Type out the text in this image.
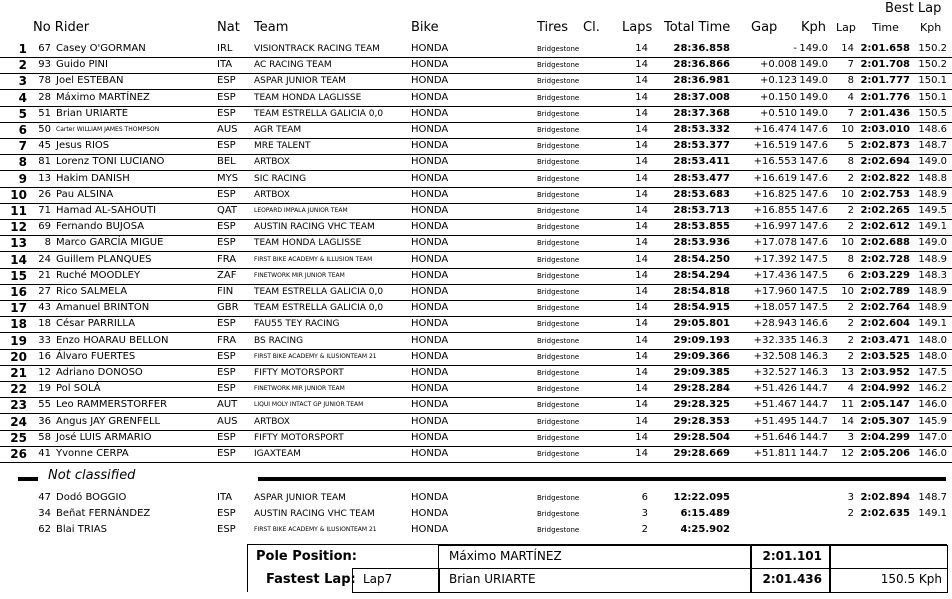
No Rider	Nat Team	Bike	Tires Cl. Laps Total Time Gap Kph
Best Lap
Lap Time Kph
1	67 Casey O'GORMAN	IRL VISIONTRACK RACING TEAM	HONDA	Bridgestone	14	28:36.858	- 149.0	14 2:01.658 150.2
2	93 Guido PINI	ITA AC RACING TEAM	HONDA	Bridgestone	14	28:36.866	+0.008 149.0	7 2:01.708 150.2
3	78 Joel ESTEBAN	ESP ASPAR JUNIOR TEAM	HONDA	Bridgestone	14	28:36.981	+0.123 149.0	8 2:01.777 150.1
4	28 Máximo MARTÍNEZ	ESP TEAM HONDA LAGLISSE	HONDA	Bridgestone	14	28:37.008	+0.150 149.0	4 2:01.776 150.1
5	51 Brian URIARTE	ESP TEAM ESTRELLA GALICIA 0,0	HONDA	Bridgestone	14	28:37.368	+0.510 149.0	7 2:01.436 150.5
6	50 Carter WILLIAM JAMES THOMPSON	AUS AGR TEAM	HONDA	Bridgestone	14	28:53.332	+16.474 147.6	10 2:03.010 148.6
7	45 Jesus RIOS	ESP MRE TALENT	HONDA	Bridgestone	14	28:53.377	+16.519 147.6	5 2:02.873 148.7
8	81 Lorenz TONI LUCIANO	BEL ARTBOX	HONDA	Bridgestone	14	28:53.411	+16.553 147.6	8 2:02.694 149.0
9	13 Hakim DANISH	MYS SIC RACING	HONDA	Bridgestone	14	28:53.477	+16.619 147.6	2 2:02.822 148.8
10	26 Pau ALSINA	ESP ARTBOX	HONDA	Bridgestone	14	28:53.683	+16.825 147.6	10 2:02.753 148.9
11	71 Hamad AL-SAHOUTI	QAT	LEOPARD IMPALA JUNIOR TEAM	HONDA	Bridgestone	14	28:53.713	+16.855 147.6	2 2:02.265 149.5
12	69 Fernando BUJOSA	ESP AUSTIN RACING VHC TEAM	HONDA	Bridgestone	14	28:53.855	+16.997 147.6	2 2:02.612 149.1
13	8 Marco GARCÍA MIGUE	ESP TEAM HONDA LAGLISSE	HONDA	Bridgestone	14	28:53.936	+17.078 147.6	10 2:02.688 149.0
14	24 Guillem PLANQUES	FRA	FIRST BIKE ACADEMY & ILLUSION TEAM	HONDA	Bridgestone	14	28:54.250	+17.392 147.5	8 2:02.728 148.9
15	21 Ruché MOODLEY	ZAF	FINETWORK MIR JUNIOR TEAM	HONDA	Bridgestone	14	28:54.294	+17.436 147.5	6 2:03.229 148.3
16	27 Rico SALMELA	FIN TEAM ESTRELLA GALICIA 0,0	HONDA	Bridgestone	14	28:54.818	+17.960 147.5	10 2:02.789 148.9
17	43 Amanuel BRINTON	GBR TEAM ESTRELLA GALICIA 0,0	HONDA	Bridgestone	14	28:54.915	+18.057 147.5	2 2:02.764 148.9
18	18 César PARRILLA	ESP FAU55 TEY RACING	HONDA	Bridgestone	14	29:05.801	+28.943 146.6	2 2:02.604 149.1
19	33 Enzo HOARAU BELLON	FRA BS RACING	HONDA	Bridgestone	14	29:09.193	+32.335 146.3	2 2:03.471 148.0
20	16 Álvaro FUERTES	ESP	FIRST BIKE ACADEMY & ILUSIONTEAM 21	HONDA	Bridgestone	14	29:09.366	+32.508 146.3	2 2:03.525 148.0
21	12 Adriano DONOSO	ESP FIFTY MOTORSPORT	HONDA	Bridgestone	14	29:09.385	+32.527 146.3	13 2:03.952 147.5
22	19 Pol SOLÁ	ESP	FINETWORK MIR JUNIOR TEAM	HONDA	Bridgestone	14	29:28.284	+51.426 144.7	4 2:04.992 146.2
23	55 Leo RAMMERSTORFER	AUT	LIQUI MOLY INTACT GP JUNIOR TEAM	HONDA	Bridgestone	14	29:28.325	+51.467 144.7	11 2:05.147 146.0
24	36 Angus JAY GRENFELL	AUS ARTBOX	HONDA	Bridgestone	14	29:28.353	+51.495 144.7	14 2:05.307 145.9
25	58 José LUIS ARMARIO	ESP FIFTY MOTORSPORT	HONDA	Bridgestone	14	29:28.504	+51.646 144.7	3 2:04.299 147.0
26	41 Yvonne CERPA	ESP IGAXTEAM	HONDA	Bridgestone	14	29:28.669	+51.811 144.7	12 2:05.206 146.0
Not classified
47 Dodó BOGGIO	ITA ASPAR JUNIOR TEAM	HONDA	Bridgestone	6	12:22.095	3 2:02.894 148.7
34 Beñat FERNÁNDEZ	ESP AUSTIN RACING VHC TEAM	HONDA	Bridgestone	3	6:15.489	2 2:02.635 149.1
62 Blai TRIAS	ESP	FIRST BIKE ACADEMY & ILUSIONTEAM 21	HONDA	Bridgestone	2	4:25.902
Pole Position:	Máximo MARTÍNEZ	2:01.101
Fastest Lap: Lap7	Brian URIARTE	2:01.436	150.5 Kph
